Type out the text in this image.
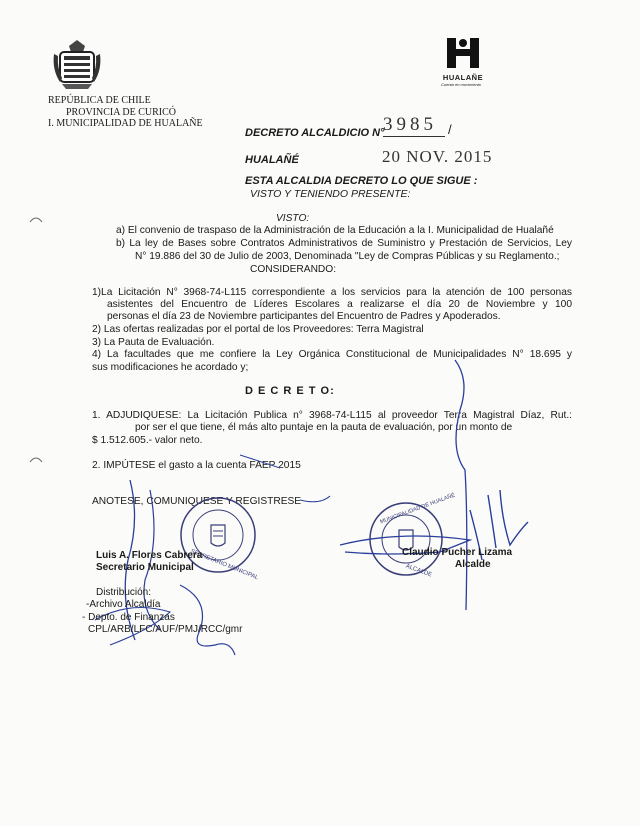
REPÚBLICA DE CHILE
PROVINCIA DE CURICÓ
I. MUNICIPALIDAD DE HUALAÑE
HUALAÑE
Cuenta en movimiento
DECRETO ALCALDICIO N°
3985 /
HUALAÑÉ	20 NOV. 2015
ESTA ALCALDIA DECRETO LO QUE SIGUE :
VISTO Y TENIENDO PRESENTE:
VISTO:
a) El convenio de traspaso de la Administración de la Educación a la I. Municipalidad de Hualañé
b) La ley de Bases sobre Contratos Administrativos de Suministro y Prestación de Servicios, Ley
N° 19.886 del 30 de Julio de 2003, Denominada "Ley de Compras Públicas y su Reglamento.;
CONSIDERANDO:
1)La Licitación N° 3968-74-L115 correspondiente a los servicios para la atención de 100 personas
asistentes del Encuentro de Líderes Escolares a realizarse el día 20 de Noviembre y 100
personas el día 23 de Noviembre participantes del Encuentro de Padres y Apoderados.
2) Las ofertas realizadas por el portal de los Proveedores: Terra Magistral
3) La Pauta de Evaluación.
4) La facultades que me confiere la Ley Orgánica Constitucional de Municipalidades N° 18.695 y
sus modificaciones he acordado y;
D E C R E T O:
1. ADJUDIQUESE: La Licitación Publica n° 3968-74-L115 al proveedor Terra Magistral Díaz, Rut.:
por ser el que tiene, él más alto puntaje en la pauta de evaluación, por un monto de
$ 1.512.605.- valor neto.
2. IMPÚTESE el gasto a la cuenta FAEP 2015
ANOTESE, COMUNIQUESE Y REGISTRESE
SECRETARIO MUNICIPAL
MUNICIPALIDAD DE HUALAÑÉ
ALCALDE
Luis A. Flores Cabrera
Secretario Municipal
Claudio Pucher Lizama
Alcalde
Distribución:
-Archivo Alcaldía
- Depto. de Finanzas
CPL/ARB/LFC/AUF/PMJ/RCC/gmr
